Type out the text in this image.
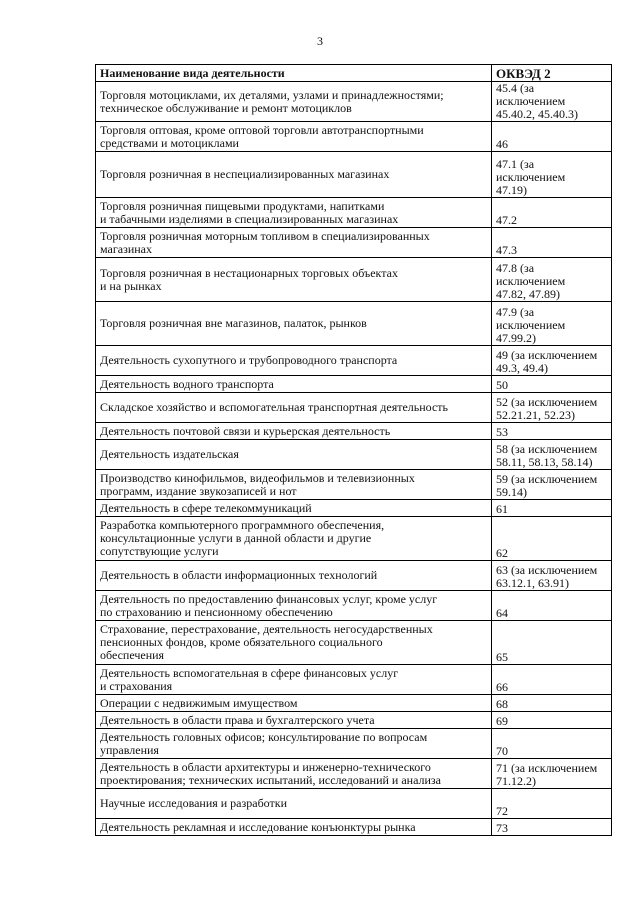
3
Наименование вида деятельности	ОКВЭД 2
Торговля мотоциклами, их деталями, узлами и принадлежностями;
техническое обслуживание и ремонт мотоциклов	45.4 (за
исключением
45.40.2, 45.40.3)
Торговля оптовая, кроме оптовой торговли автотранспортными
средствами и мотоциклами	46
Торговля розничная в неспециализированных магазинах	47.1 (за
исключением
47.19)
Торговля розничная пищевыми продуктами, напитками
и табачными изделиями в специализированных магазинах	47.2
Торговля розничная моторным топливом в специализированных
магазинах	47.3
Торговля розничная в нестационарных торговых объектах
и на рынках	47.8 (за
исключением
47.82, 47.89)
Торговля розничная вне магазинов, палаток, рынков	47.9 (за
исключением
47.99.2)
Деятельность сухопутного и трубопроводного транспорта	49 (за исключением
49.3, 49.4)
Деятельность водного транспорта	50
Складское хозяйство и вспомогательная транспортная деятельность	52 (за исключением
52.21.21, 52.23)
Деятельность почтовой связи и курьерская деятельность	53
Деятельность издательская	58 (за исключением
58.11, 58.13, 58.14)
Производство кинофильмов, видеофильмов и телевизионных
программ, издание звукозаписей и нот	59 (за исключением
59.14)
Деятельность в сфере телекоммуникаций	61
Разработка компьютерного программного обеспечения,
консультационные услуги в данной области и другие
сопутствующие услуги	62
Деятельность в области информационных технологий	63 (за исключением
63.12.1, 63.91)
Деятельность по предоставлению финансовых услуг, кроме услуг
по страхованию и пенсионному обеспечению	64
Страхование, перестрахование, деятельность негосударственных
пенсионных фондов, кроме обязательного социального
обеспечения	65
Деятельность вспомогательная в сфере финансовых услуг
и страхования	66
Операции с недвижимым имуществом	68
Деятельность в области права и бухгалтерского учета	69
Деятельность головных офисов; консультирование по вопросам
управления	70
Деятельность в области архитектуры и инженерно-технического
проектирования; технических испытаний, исследований и анализа	71 (за исключением
71.12.2)
Научные исследования и разработки	72
Деятельность рекламная и исследование конъюнктуры рынка	73
